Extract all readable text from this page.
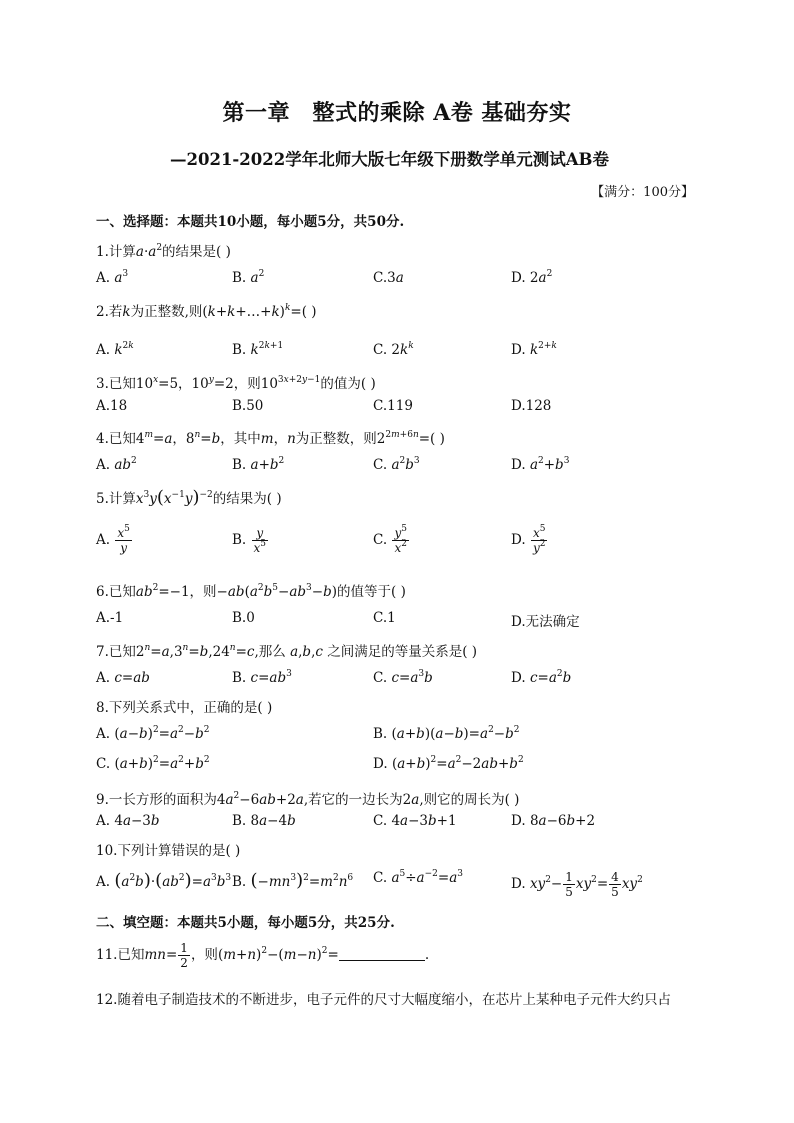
第一章　整式的乘除 A卷 基础夯实
—2021-2022学年北师大版七年级下册数学单元测试AB卷
【满分：100分】
一、选择题：本题共10小题，每小题5分，共50分.
1.计算$a\cdot a^2$的结果是( )
A. $a^3$	B. $a^2$	C.3a	D. $2a^2$
2.若k为正整数,则(k+k+…+k)$^k$=( )
A. $k^{2k}$	B. $k^{2k+1}$	C. $2k^k$	D. $k^{2+k}$
3.已知$10^x=5$，$10^y=2$，则$10^{3x+2y-1}$的值为( )
A.18	B.50	C.119	D.128
4.已知$4^m=a$，$8^n=b$，其中m，n为正整数，则$2^{2m+6n}=$( )
A. $ab^2$	B. $a+b^2$	C. $a^2b^3$	D. $a^2+b^3$
5.计算$x^3y(x^{-1}y)^{-2}$的结果为( )
A. $\frac{x^5}{y}$	B. $\frac{y}{x^5}$	C. $\frac{y^5}{x^2}$	D. $\frac{x^5}{y^2}$
6.已知$ab^2=-1$，则$-ab(a^2b^5-ab^3-b)$的值等于( )
A.-1	B.0	C.1	D.无法确定
7.已知$2^n=a,3^n=b,24^n=c$,那么 a,b,c 之间满足的等量关系是( )
A. c=ab	B. $c=ab^3$	C. $c=a^3b$	D. $c=a^2b$
8.下列关系式中，正确的是( )
A. $(a-b)^2=a^2-b^2$	B. $(a+b)(a-b)=a^2-b^2$
C. $(a+b)^2=a^2+b^2$	D. $(a+b)^2=a^2-2ab+b^2$
9.一长方形的面积为$4a^2-6ab+2a$,若它的一边长为2a,则它的周长为( )
A. 4a−3b	B. 8a−4b	C. 4a−3b+1	D. 8a−6b+2
10.下列计算错误的是( )
A. $(a^2b)\cdot(ab^2)=a^3b^3$ B. $(-mn^3)^2=m^2n^6$ C. $a^5\div a^{-2}=a^3$
D. $xy^2- \frac{1}{5} xy^2= \frac{4}{5} xy^2$
二、填空题：本题共5小题，每小题5分，共25分.
11.已知$mn= \frac{1}{2}$ ，则$(m+n)^2-(m-n)^2=$	.
12.随着电子制造技术的不断进步，电子元件的尺寸大幅度缩小，在芯片上某种电子元件大约只占
